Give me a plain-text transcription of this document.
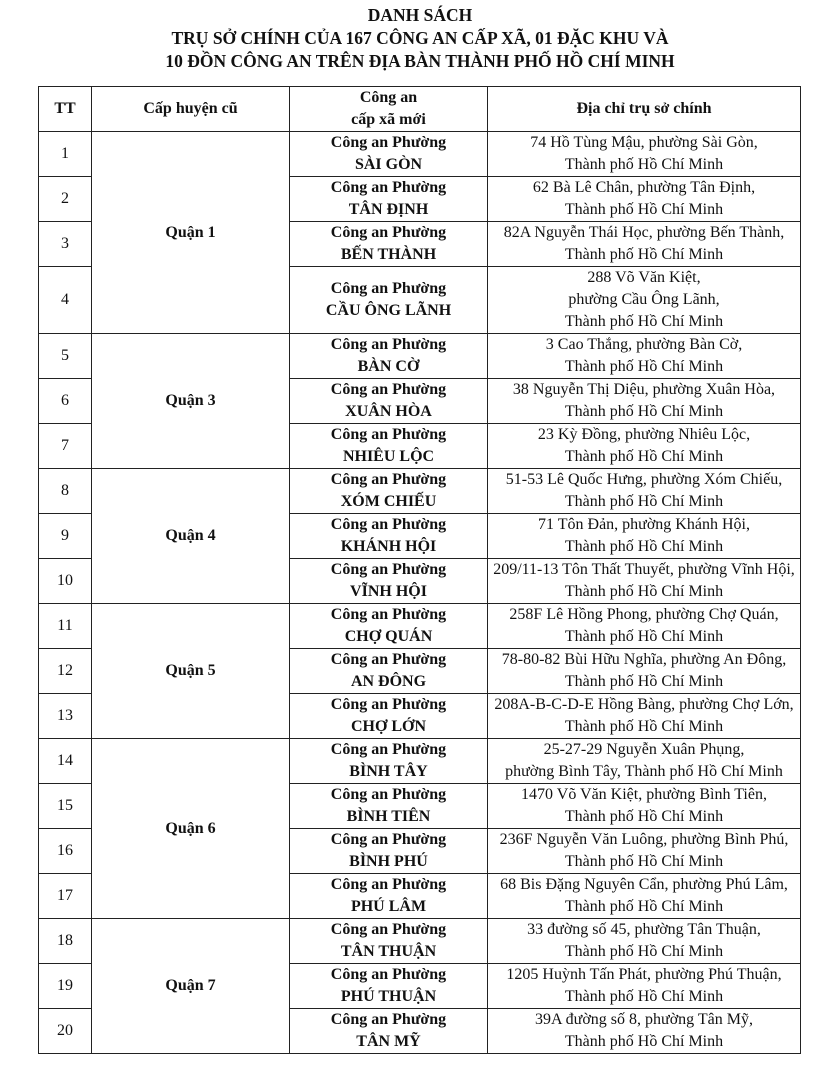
DANH SÁCH
TRỤ SỞ CHÍNH CỦA 167 CÔNG AN CẤP XÃ, 01 ĐẶC KHU VÀ
10 ĐỒN CÔNG AN TRÊN ĐỊA BÀN THÀNH PHỐ HỒ CHÍ MINH
TT	Cấp huyện cũ	Công an
cấp xã mới	Địa chỉ trụ sở chính
1	Quận 1	Công an Phường
SÀI GÒN	74 Hồ Tùng Mậu, phường Sài Gòn,
Thành phố Hồ Chí Minh

2		Công an Phường
TÂN ĐỊNH	62 Bà Lê Chân, phường Tân Định,
Thành phố Hồ Chí Minh

3		Công an Phường
BẾN THÀNH	82A Nguyễn Thái Học, phường Bến Thành,
Thành phố Hồ Chí Minh

4		Công an Phường
CẦU ÔNG LÃNH	288 Võ Văn Kiệt,
phường Cầu Ông Lãnh,
Thành phố Hồ Chí Minh

5	Quận 3	Công an Phường
BÀN CỜ	3 Cao Thắng, phường Bàn Cờ,
Thành phố Hồ Chí Minh

6		Công an Phường
XUÂN HÒA	38 Nguyễn Thị Diệu, phường Xuân Hòa,
Thành phố Hồ Chí Minh

7		Công an Phường
NHIÊU LỘC	23 Kỳ Đồng, phường Nhiêu Lộc,
Thành phố Hồ Chí Minh

8	Quận 4	Công an Phường
XÓM CHIẾU	51-53 Lê Quốc Hưng, phường Xóm Chiếu,
Thành phố Hồ Chí Minh

9		Công an Phường
KHÁNH HỘI	71 Tôn Đản, phường Khánh Hội,
Thành phố Hồ Chí Minh

10		Công an Phường
VĨNH HỘI	209/11-13 Tôn Thất Thuyết, phường Vĩnh Hội,
Thành phố Hồ Chí Minh

11	Quận 5	Công an Phường
CHỢ QUÁN	258F Lê Hồng Phong, phường Chợ Quán,
Thành phố Hồ Chí Minh

12		Công an Phường
AN ĐÔNG	78-80-82 Bùi Hữu Nghĩa, phường An Đông,
Thành phố Hồ Chí Minh

13		Công an Phường
CHỢ LỚN	208A-B-C-D-E Hồng Bàng, phường Chợ Lớn,
Thành phố Hồ Chí Minh

14	Quận 6	Công an Phường
BÌNH TÂY	25-27-29 Nguyễn Xuân Phụng,
phường Bình Tây, Thành phố Hồ Chí Minh

15		Công an Phường
BÌNH TIÊN	1470 Võ Văn Kiệt, phường Bình Tiên,
Thành phố Hồ Chí Minh

16		Công an Phường
BÌNH PHÚ	236F Nguyễn Văn Luông, phường Bình Phú,
Thành phố Hồ Chí Minh

17		Công an Phường
PHÚ LÂM	68 Bis Đặng Nguyên Cẩn, phường Phú Lâm,
Thành phố Hồ Chí Minh

18	Quận 7	Công an Phường
TÂN THUẬN	33 đường số 45, phường Tân Thuận,
Thành phố Hồ Chí Minh

19		Công an Phường
PHÚ THUẬN	1205 Huỳnh Tấn Phát, phường Phú Thuận,
Thành phố Hồ Chí Minh

20		Công an Phường
TÂN MỸ	39A đường số 8, phường Tân Mỹ,
Thành phố Hồ Chí Minh
